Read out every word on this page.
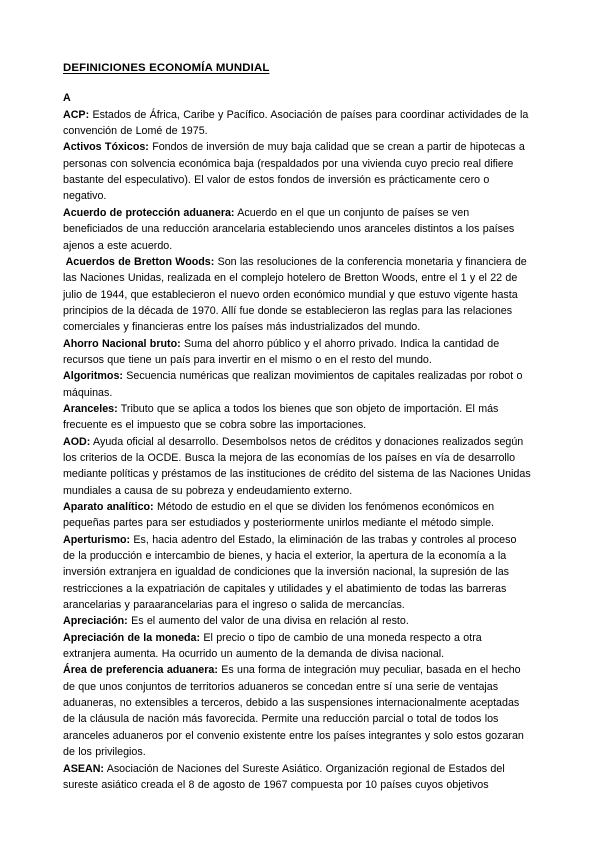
DEFINICIONES ECONOMÍA MUNDIAL
A

ACP: Estados de África, Caribe y Pacífico. Asociación de países para coordinar actividades de la convención de Lomé de 1975.

Activos Tóxicos: Fondos de inversión de muy baja calidad que se crean a partir de hipotecas a personas con solvencia económica baja (respaldados por una vivienda cuyo precio real difiere bastante del especulativo). El valor de estos fondos de inversión es prácticamente cero o negativo.

Acuerdo de protección aduanera: Acuerdo en el que un conjunto de países se ven beneficiados de una reducción arancelaria estableciendo unos aranceles distintos a los países ajenos a este acuerdo.

Acuerdos de Bretton Woods: Son las resoluciones de la conferencia monetaria y financiera de las Naciones Unidas, realizada en el complejo hotelero de Bretton Woods, entre el 1 y el 22 de julio de 1944, que establecieron el nuevo orden económico mundial y que estuvo vigente hasta principios de la década de 1970. Allí fue donde se establecieron las reglas para las relaciones comerciales y financieras entre los países más industrializados del mundo.

Ahorro Nacional bruto: Suma del ahorro público y el ahorro privado. Indica la cantidad de recursos que tiene un país para invertir en el mismo o en el resto del mundo.

Algoritmos: Secuencia numéricas que realizan movimientos de capitales realizadas por robot o máquinas.

Aranceles: Tributo que se aplica a todos los bienes que son objeto de importación. El más frecuente es el impuesto que se cobra sobre las importaciones.

AOD: Ayuda oficial al desarrollo. Desembolsos netos de créditos y donaciones realizados según los criterios de la OCDE. Busca la mejora de las economías de los países en vía de desarrollo mediante políticas y préstamos de las instituciones de crédito del sistema de las Naciones Unidas mundiales a causa de su pobreza y endeudamiento externo.

Aparato analítico: Método de estudio en el que se dividen los fenómenos económicos en pequeñas partes para ser estudiados y posteriormente unirlos mediante el método simple.

Aperturismo: Es, hacia adentro del Estado, la eliminación de las trabas y controles al proceso de la producción e intercambio de bienes, y hacia el exterior, la apertura de la economía a la inversión extranjera en igualdad de condiciones que la inversión nacional, la supresión de las restricciones a la expatriación de capitales y utilidades y el abatimiento de todas las barreras arancelarias y paraarancelarias para el ingreso o salida de mercancías.

Apreciación: Es el aumento del valor de una divisa en relación al resto.

Apreciación de la moneda: El precio o tipo de cambio de una moneda respecto a otra extranjera aumenta. Ha ocurrido un aumento de la demanda de divisa nacional.

Área de preferencia aduanera: Es una forma de integración muy peculiar, basada en el hecho de que unos conjuntos de territorios aduaneros se concedan entre sí una serie de ventajas aduaneras, no extensibles a terceros, debido a las suspensiones internacionalmente aceptadas de la cláusula de nación más favorecida. Permite una reducción parcial o total de todos los aranceles aduaneros por el convenio existente entre los países integrantes y solo estos gozaran de los privilegios.

ASEAN: Asociación de Naciones del Sureste Asiático. Organización regional de Estados del sureste asiático creada el 8 de agosto de 1967 compuesta por 10 países cuyos objetivos
